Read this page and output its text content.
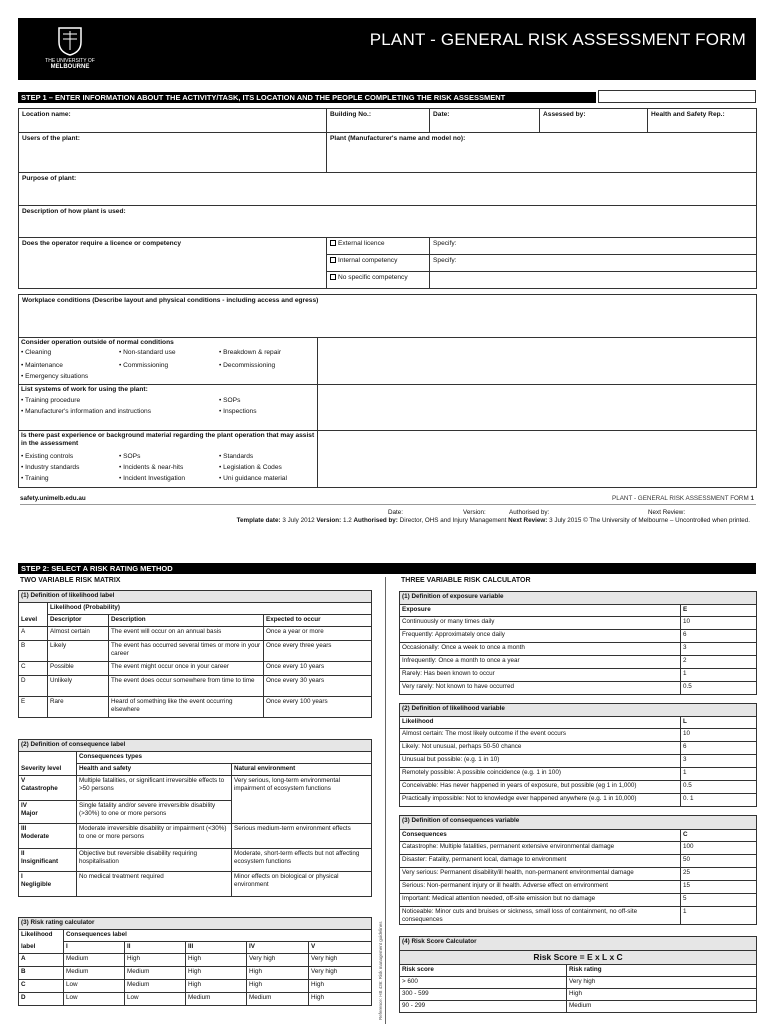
THE UNIVERSITY OF
MELBOURNE
PLANT - GENERAL RISK ASSESSMENT FORM
STEP 1 – ENTER INFORMATION ABOUT THE ACTIVITY/TASK, ITS LOCATION AND THE PEOPLE COMPLETING THE RISK ASSESSMENT
Location name:	Building No.:	Date:	Assessed by:	Health and Safety Rep.:
Users of the plant:	Plant (Manufacturer's name and model no):			
Purpose of plant:				
Description of how plant is used:				
Does the operator require a licence or competency	External licence	Specify:		
	Internal competency	Specify:		
	No specific competency			
Workplace conditions (Describe layout and physical conditions - including access and egress)	

Consider operation outside of normal conditions
• Cleaning	• Non-standard use	• Breakdown & repair
• Maintenance	• Commissioning	• Decommissioning
• Emergency situations
List systems of work for using the plant:
• Training procedure	• SOPs
• Manufacturer's information and instructions	• Inspections
Is there past experience or background material regarding the plant operation that may assist in the assessment
• Existing controls	• SOPs	• Standards
• Industry standards	• Incidents & near-hits	• Legislation & Codes
• Training	• Incident Investigation	• Uni guidance material
safety.unimelb.edu.au	PLANT - GENERAL RISK ASSESSMENT FORM 1
Date:	Version:	Authorised by:	Next Review:
Template date: 3 July 2012 Version: 1.2 Authorised by: Director, OHS and Injury Management Next Review: 3 July 2015 © The University of Melbourne – Uncontrolled when printed.
STEP 2: SELECT A RISK RATING METHOD
TWO VARIABLE RISK MATRIX	THREE VARIABLE RISK CALCULATOR
Reference: HB 436: Risk management guidelines
(1) Definition of likelihood label			
	Likelihood (Probability)		
Level	Descriptor	Description	Expected to occur
A	Almost certain	The event will occur on an annual basis	Once a year or more
B	Likely	The event has occurred several times or more in your career	Once every three years
C	Possible	The event might occur once in your career	Once every 10 years
D	Unlikely	The event does occur somewhere from time to time	Once every 30 years
E	Rare	Heard of something like the event occurring elsewhere	Once every 100 years
(2) Definition of consequence label		
	Consequences types	
Severity level	Health and safety	Natural environment

V
Catastrophe	Multiple fatalities, or significant irreversible effects to >50 persons	Very serious, long-term environmental impairment of ecosystem functions

IV
Major	Single fatality and/or severe irreversible disability (>30%) to one or more persons	

III
Moderate	Moderate irreversible disability or impairment (<30%) to one or more persons	Serious medium-term environment effects

II
Insignificant	Objective but reversible disability requiring hospitalisation	Moderate, short-term effects but not affecting ecosystem functions

I
Negligible	No medical treatment required	Minor effects on biological or physical environment
(3) Risk rating calculator					
Likelihood	Consequences label				
label	I	II	III	IV	V
A	Medium	High	High	Very high	Very high
B	Medium	Medium	High	High	Very high
C	Low	Medium	High	High	High
D	Low	Low	Medium	Medium	High
(1) Definition of exposure variable	
Exposure	E
Continuously or many times daily	10
Frequently: Approximately once daily	6
Occasionally: Once a week to once a month	3
Infrequently: Once a month to once a year	2
Rarely: Has been known to occur	1
Very rarely: Not known to have occurred	0.5
(2) Definition of likelihood variable	
Likelihood	L
Almost certain: The most likely outcome if the event occurs	10
Likely: Not unusual, perhaps 50-50 chance	6
Unusual but possible: (e.g. 1 in 10)	3
Remotely possible: A possible coincidence (e.g. 1 in 100)	1
Conceivable: Has never happened in years of exposure, but possible (eg 1 in 1,000)	0.5
Practically impossible: Not to knowledge ever happened anywhere (e.g. 1 in 10,000)	0. 1
(3) Definition of consequences variable	
Consequences	C
Catastrophe: Multiple fatalities, permanent extensive environmental damage	100
Disaster: Fatality, permanent local, damage to environment	50
Very serious: Permanent disability/ill health, non-permanent environmental damage	25
Serious: Non-permanent injury or ill health. Adverse effect on environment	15
Important: Medical attention needed, off-site emission but no damage	5
Noticeable: Minor cuts and bruises or sickness, small loss of containment, no off-site consequences	1
(4) Risk Score Calculator	
Risk Score = E x L x C	
Risk score	Risk rating
> 600	Very high
300 - 599	High
90 - 299	Medium
